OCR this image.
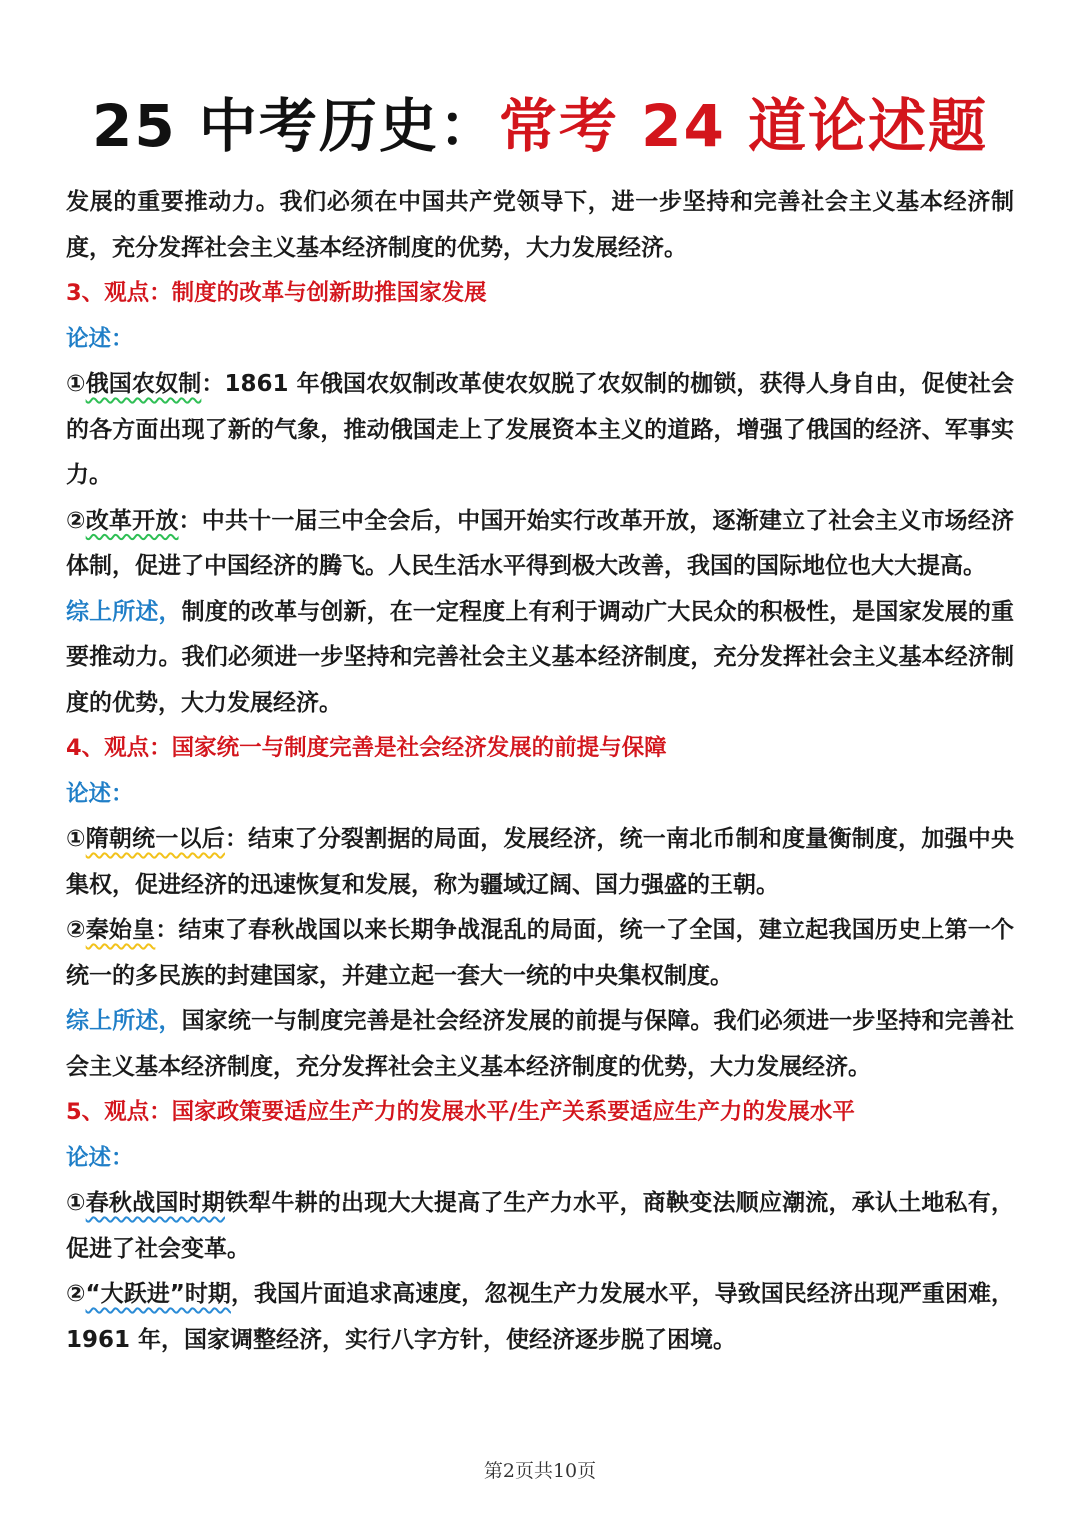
25 中考历史：常考 24 道论述题

发展的重要推动力。我们必须在中国共产党领导下，进一步坚持和完善社会主义基本经济制度，充分发挥社会主义基本经济制度的优势，大力发展经济。

3、观点：制度的改革与创新助推国家发展
论述：

①俄国农奴制：1861 年俄国农奴制改革使农奴脱了农奴制的枷锁，获得人身自由，促使社会的各方面出现了新的气象，推动俄国走上了发展资本主义的道路，增强了俄国的经济、军事实力。

②改革开放：中共十一届三中全会后，中国开始实行改革开放，逐渐建立了社会主义市场经济体制，促进了中国经济的腾飞。人民生活水平得到极大改善，我国的国际地位也大大提高。

综上所述，制度的改革与创新，在一定程度上有利于调动广大民众的积极性，是国家发展的重要推动力。我们必须进一步坚持和完善社会主义基本经济制度，充分发挥社会主义基本经济制度的优势，大力发展经济。

4、观点：国家统一与制度完善是社会经济发展的前提与保障
论述：

①隋朝统一以后：结束了分裂割据的局面，发展经济，统一南北币制和度量衡制度，加强中央集权，促进经济的迅速恢复和发展，称为疆域辽阔、国力强盛的王朝。

②秦始皇：结束了春秋战国以来长期争战混乱的局面，统一了全国，建立起我国历史上第一个统一的多民族的封建国家，并建立起一套大一统的中央集权制度。

综上所述，国家统一与制度完善是社会经济发展的前提与保障。我们必须进一步坚持和完善社会主义基本经济制度，充分发挥社会主义基本经济制度的优势，大力发展经济。

5、观点：国家政策要适应生产力的发展水平/生产关系要适应生产力的发展水平
论述：

①春秋战国时期铁犁牛耕的出现大大提高了生产力水平，商鞅变法顺应潮流，承认土地私有，促进了社会变革。

②“大跃进”时期，我国片面追求高速度，忽视生产力发展水平，导致国民经济出现严重困难，1961 年，国家调整经济，实行八字方针，使经济逐步脱了困境。

第2页共10页
